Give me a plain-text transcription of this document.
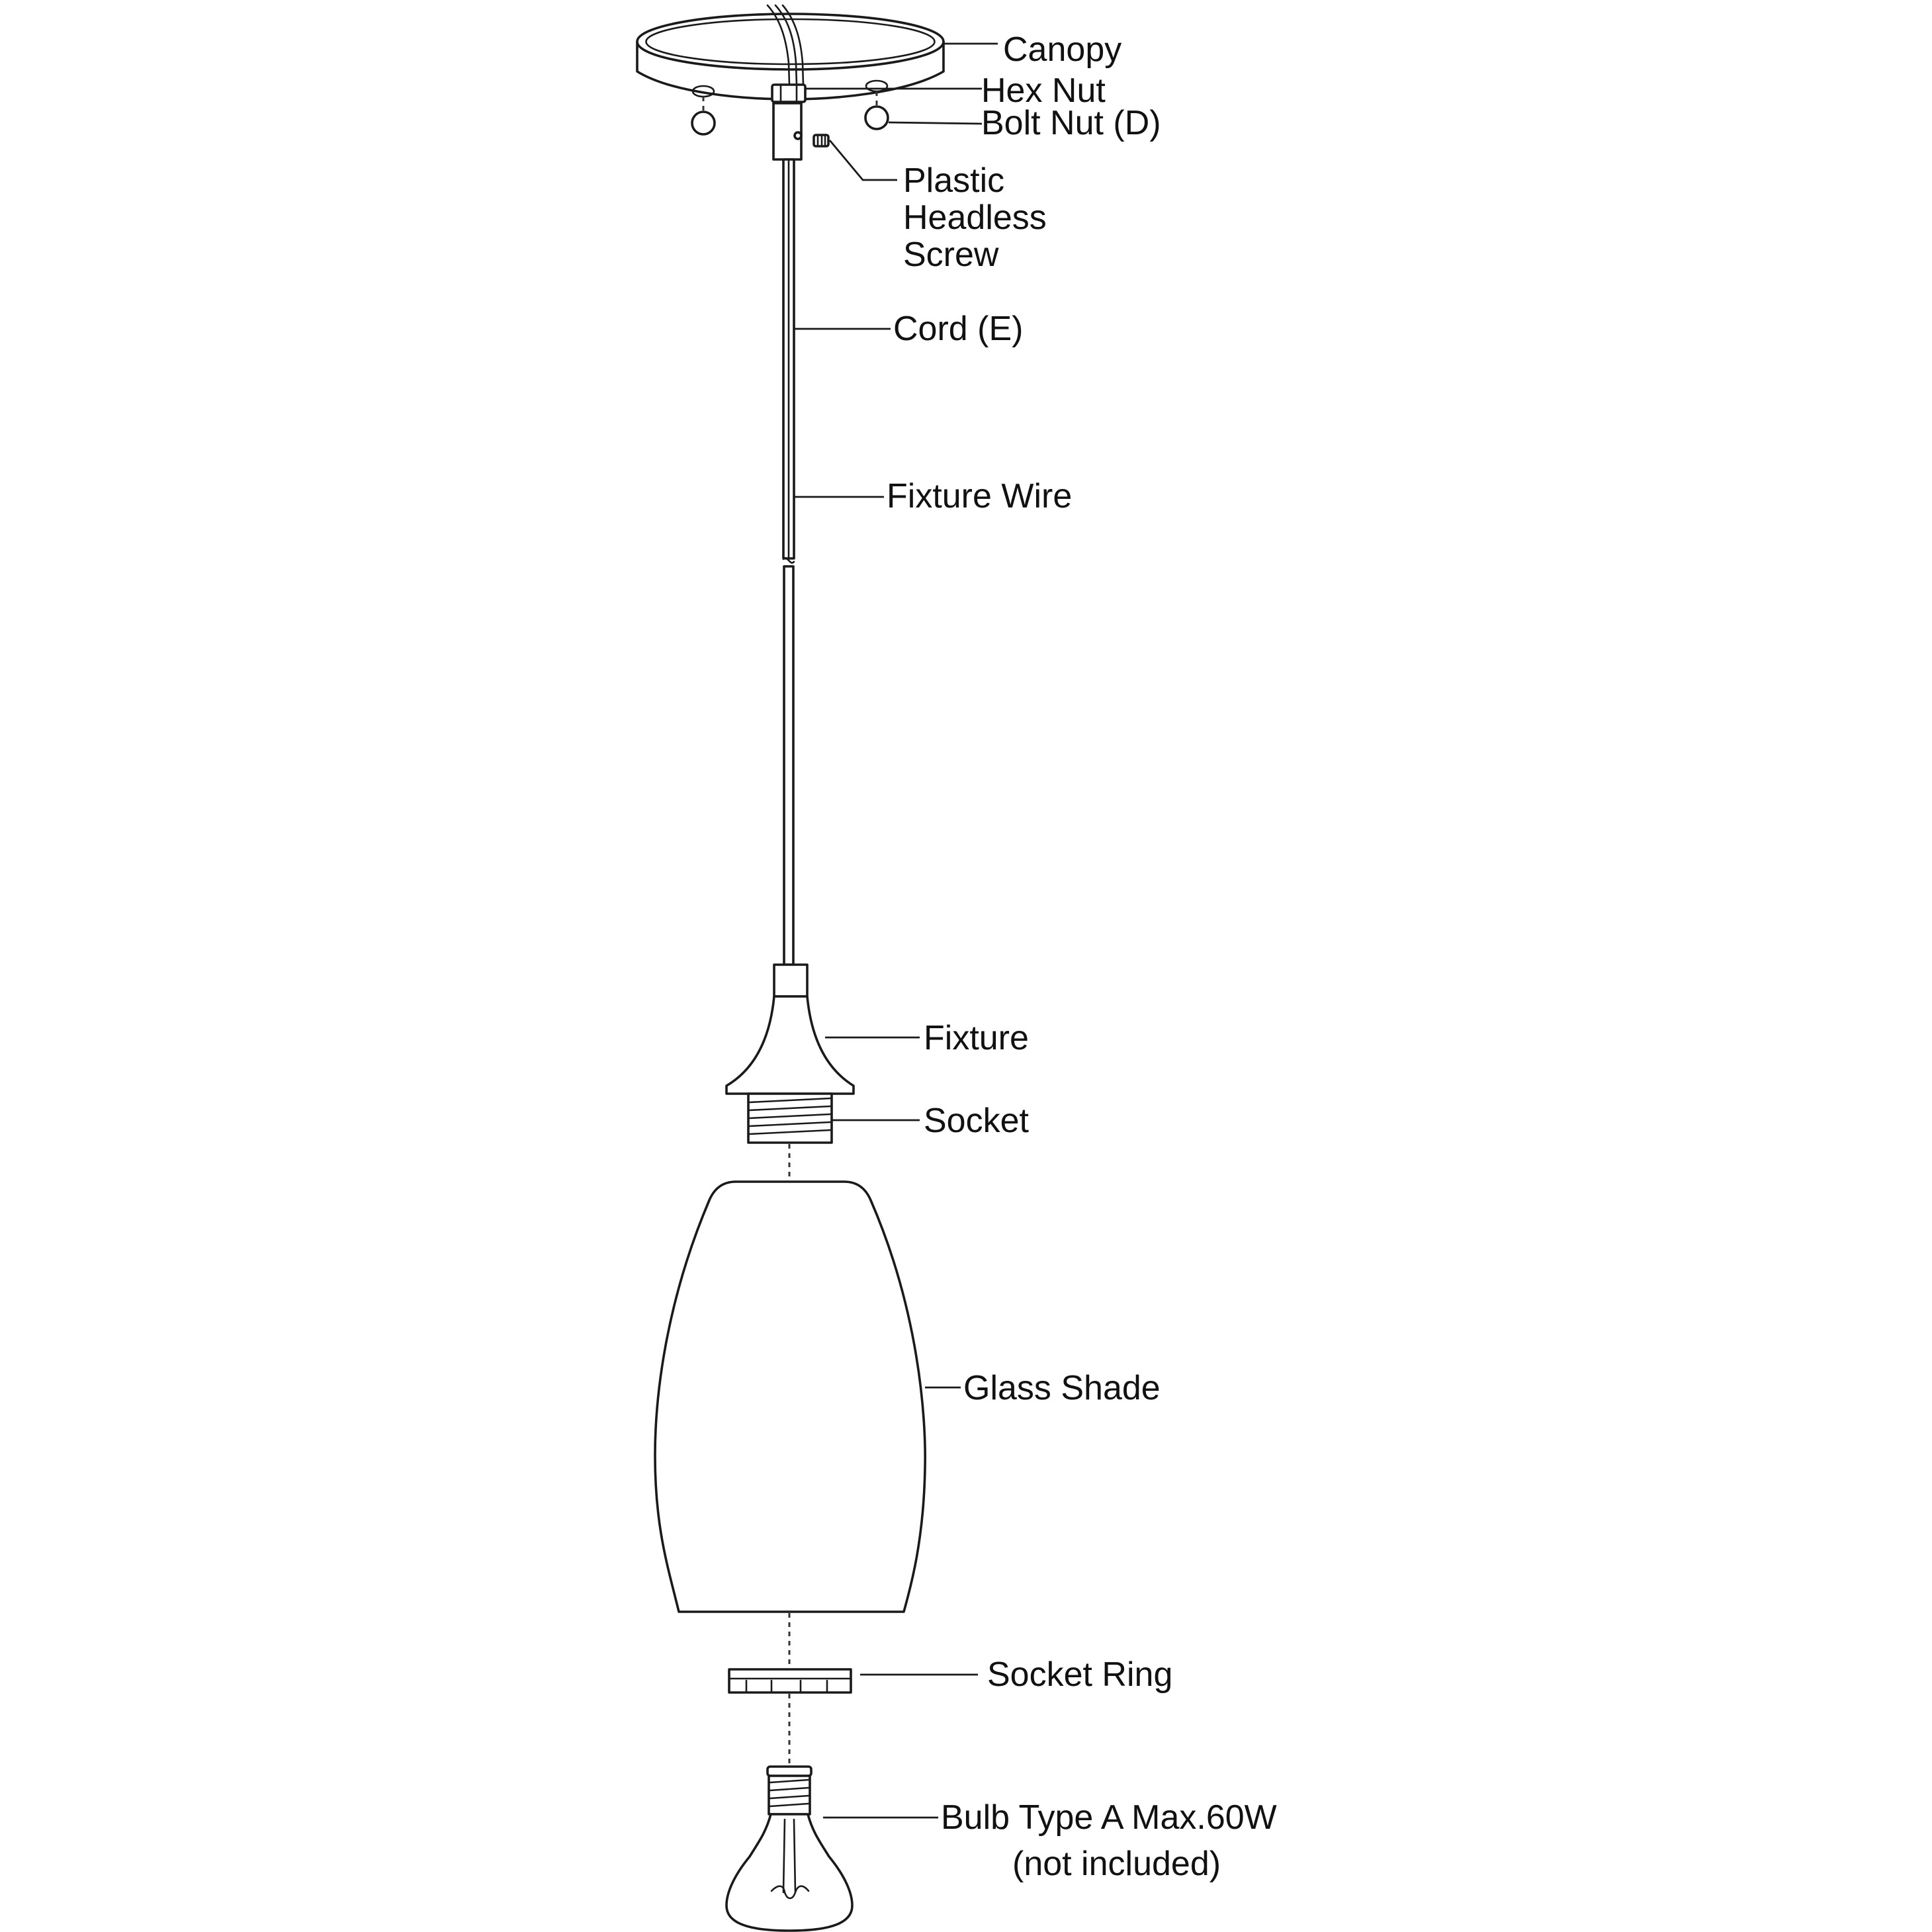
Canopy
Hex Nut
Bolt Nut (D)
Plastic
Headless
Screw
Cord (E)
Fixture Wire
Fixture
Socket
Glass Shade
Socket Ring
Bulb Type A Max.60W
(not included)
